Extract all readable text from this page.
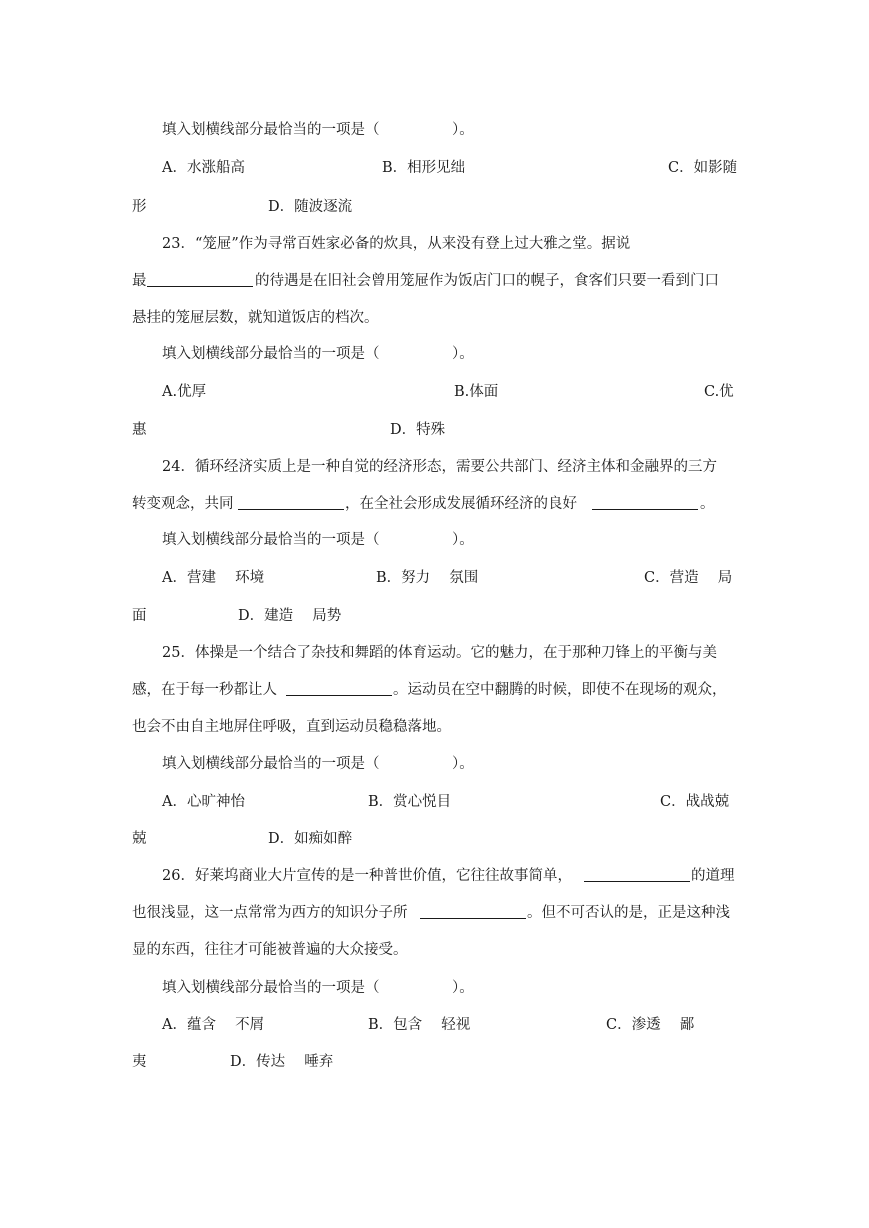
填入划横线部分最恰当的一项是（　　　　　）。
A．水涨船高	B．相形见绌	C．如影随
形	D．随波逐流
23．“笼屉”作为寻常百姓家必备的炊具，从来没有登上过大雅之堂。据说
最	的待遇是在旧社会曾用笼屉作为饭店门口的幌子，食客们只要一看到门口
悬挂的笼屉层数，就知道饭店的档次。
填入划横线部分最恰当的一项是（　　　　　）。
A.优厚	B.体面	C.优
惠	D．特殊
24．循环经济实质上是一种自觉的经济形态，需要公共部门、经济主体和金融界的三方
转变观念，共同	，在全社会形成发展循环经济的良好	。
填入划横线部分最恰当的一项是（　　　　　）。
A．营建　 环境	B．努力　 氛围	C．营造　 局
面	D．建造　 局势
25．体操是一个结合了杂技和舞蹈的体育运动。它的魅力，在于那种刀锋上的平衡与美
感，在于每一秒都让人	。运动员在空中翻腾的时候，即使不在现场的观众，
也会不由自主地屏住呼吸，直到运动员稳稳落地。
填入划横线部分最恰当的一项是（　　　　　）。
A．心旷神怡	B．赏心悦目	C．战战兢
兢	D．如痴如醉
26．好莱坞商业大片宣传的是一种普世价值，它往往故事简单，	的道理
也很浅显，这一点常常为西方的知识分子所	。但不可否认的是，正是这种浅
显的东西，往往才可能被普遍的大众接受。
填入划横线部分最恰当的一项是（　　　　　）。
A．蕴含　 不屑	B．包含　 轻视	C．渗透　 鄙
夷	D．传达　 唾弃
